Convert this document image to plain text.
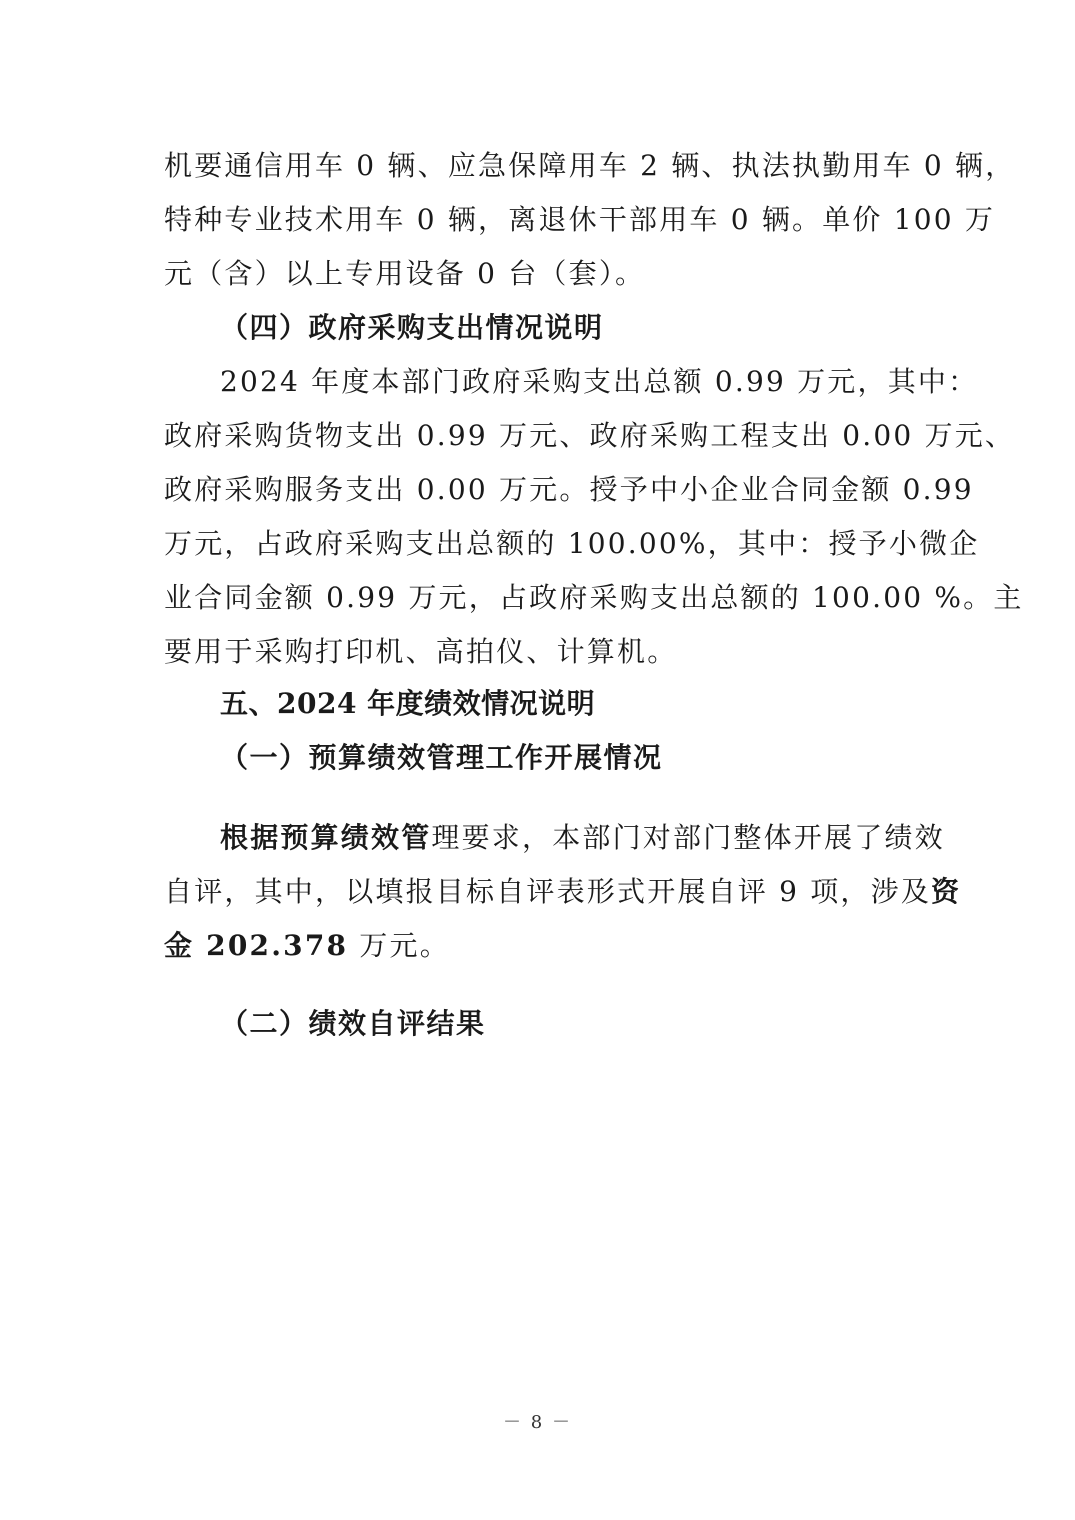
机要通信用车 0 辆、应急保障用车 2 辆、执法执勤用车 0 辆，
特种专业技术用车 0 辆，离退休干部用车 0 辆。单价 100 万
元（含）以上专用设备 0 台（套）。
（四）政府采购支出情况说明
2024 年度本部门政府采购支出总额 0.99 万元，其中：
政府采购货物支出 0.99 万元、政府采购工程支出 0.00 万元、
政府采购服务支出 0.00 万元。授予中小企业合同金额 0.99
万元，占政府采购支出总额的 100.00%，其中：授予小微企
业合同金额 0.99 万元，占政府采购支出总额的 100.00 %。主
要用于采购打印机、高拍仪、计算机。
五、2024 年度绩效情况说明
（一）预算绩效管理工作开展情况
根据预算绩效管理要求，本部门对部门整体开展了绩效
自评，其中，以填报目标自评表形式开展自评 9 项，涉及资
金 202.378 万元。
（二）绩效自评结果
－ 8 －
